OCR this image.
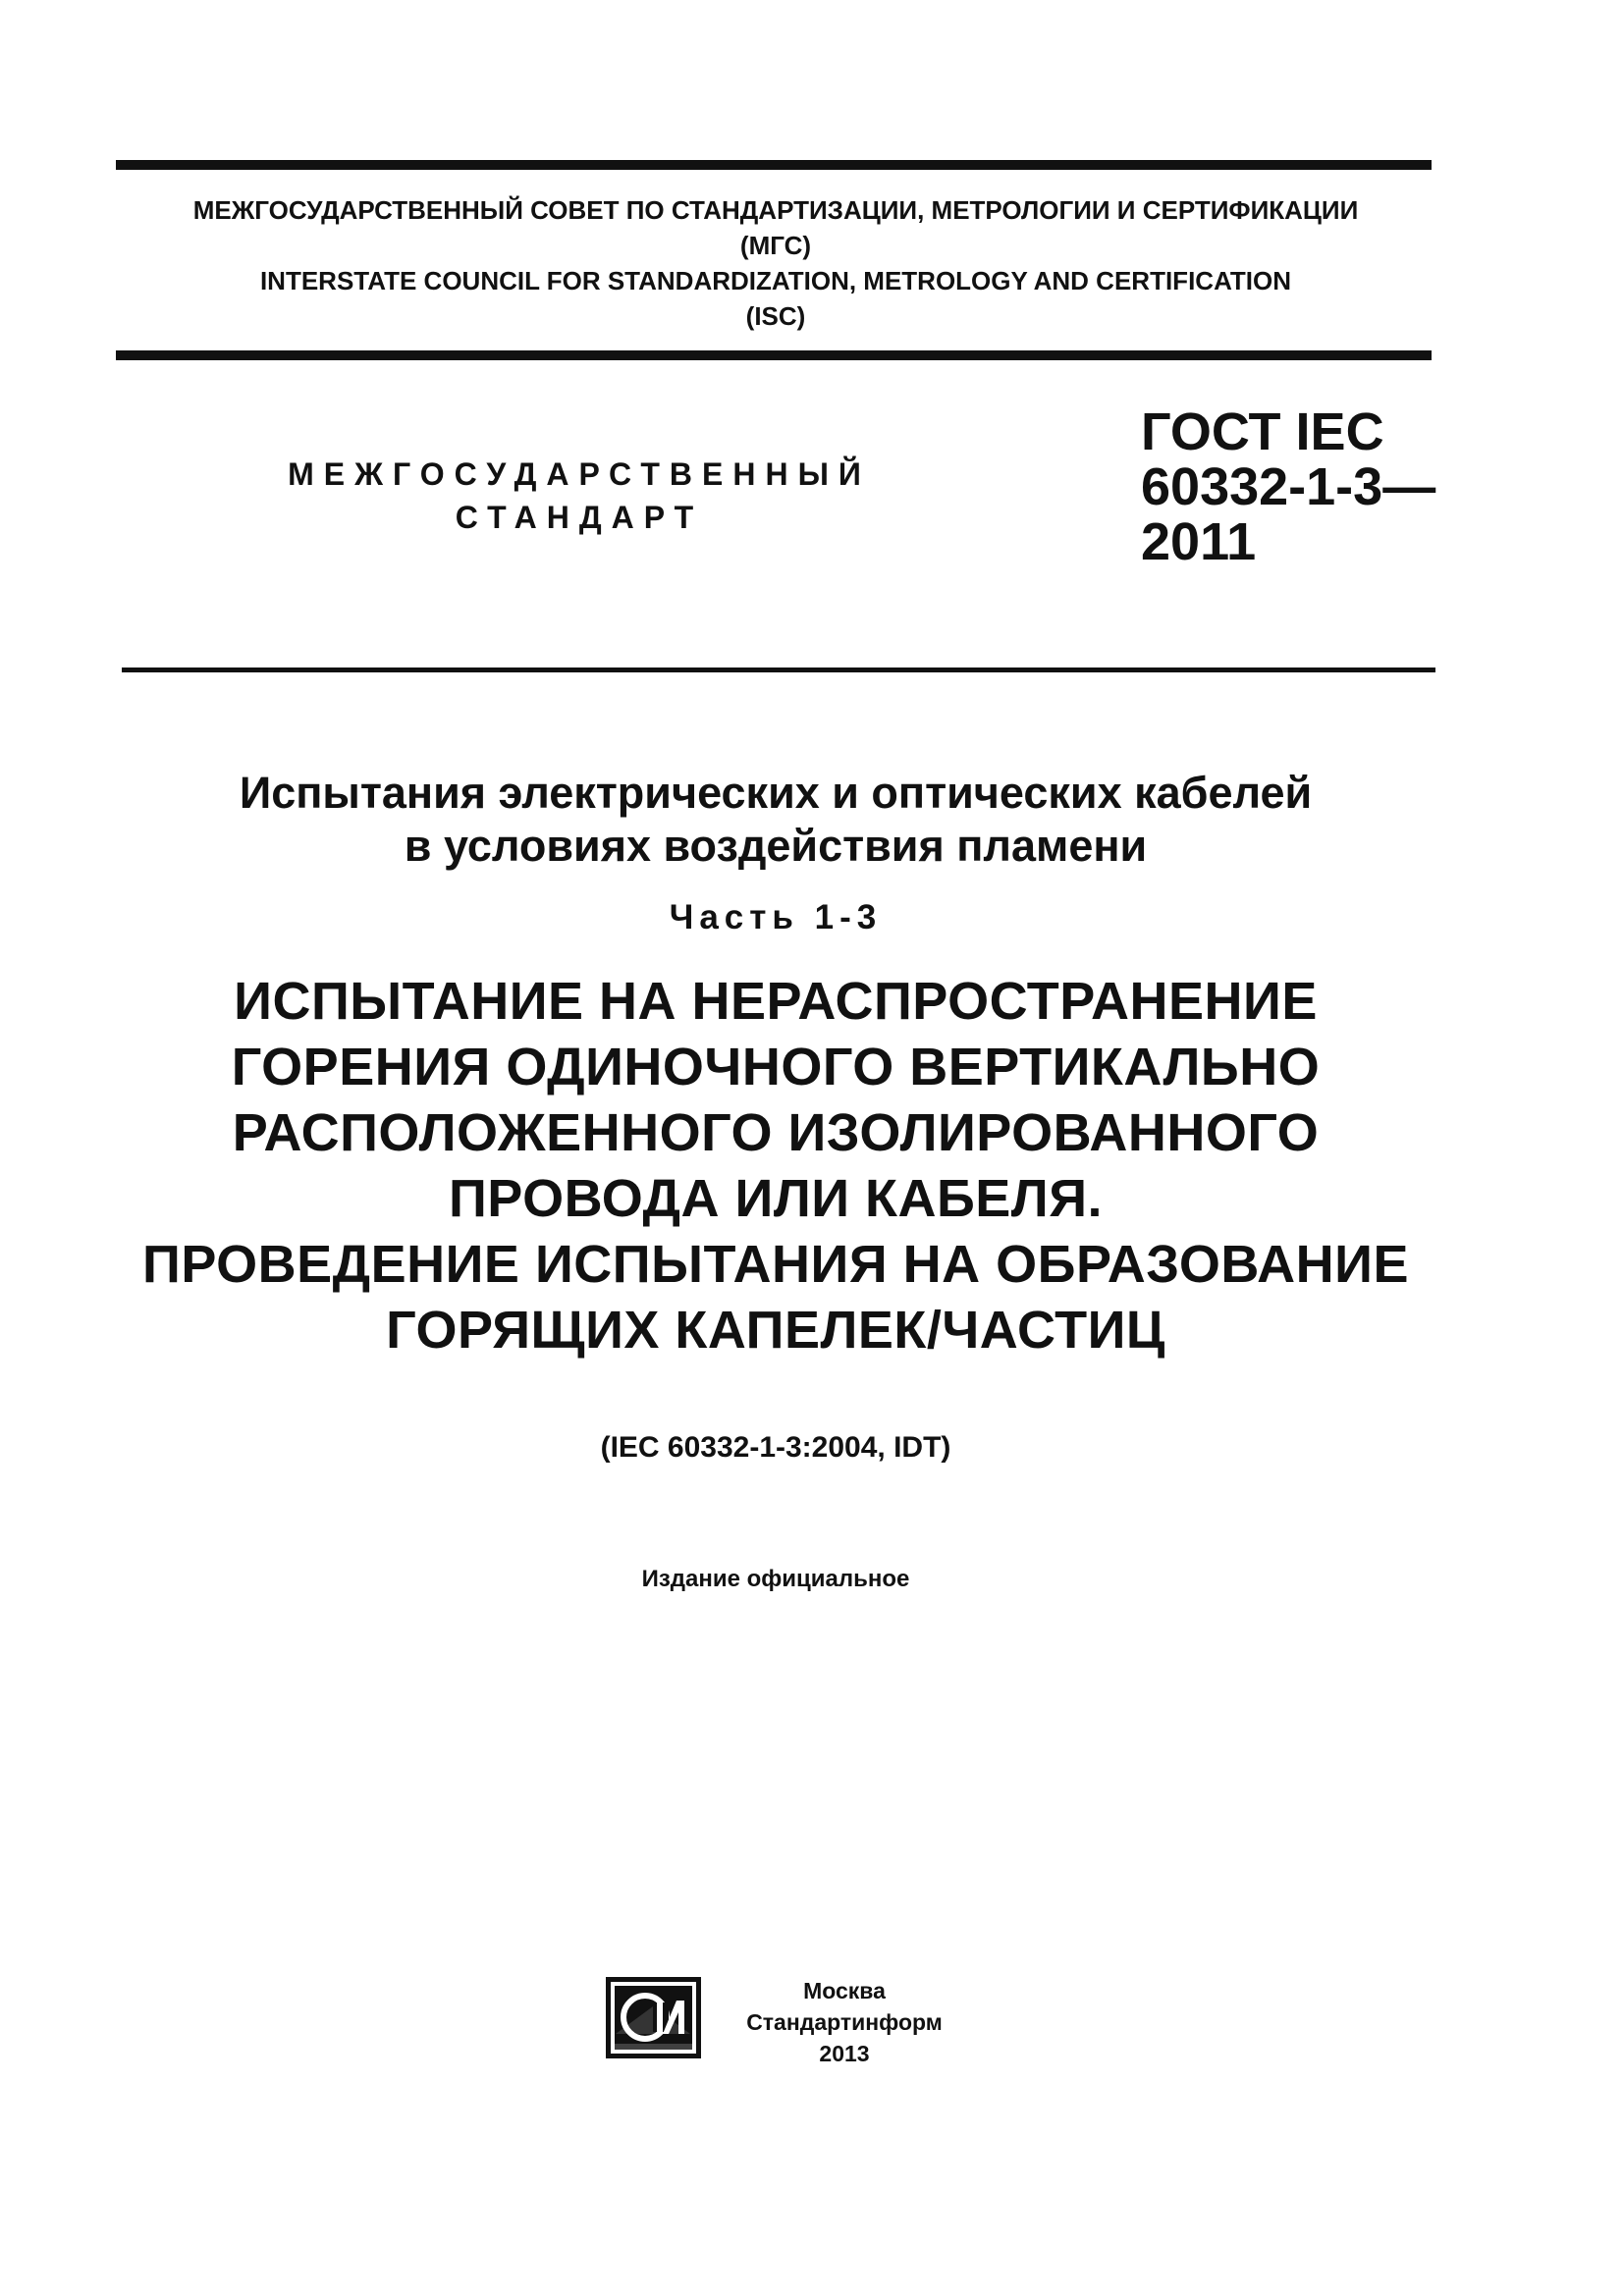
МЕЖГОСУДАРСТВЕННЫЙ СОВЕТ ПО СТАНДАРТИЗАЦИИ, МЕТРОЛОГИИ И СЕРТИФИКАЦИИ
(МГС)
INTERSTATE COUNCIL FOR STANDARDIZATION, METROLOGY AND CERTIFICATION
(ISC)
МЕЖГОСУДАРСТВЕННЫЙ
СТАНДАРТ
ГОСТ IEC
60332-1-3—
2011
Испытания электрических и оптических кабелей
в условиях воздействия пламени
Часть 1-3
ИСПЫТАНИЕ НА НЕРАСПРОСТРАНЕНИЕ
ГОРЕНИЯ ОДИНОЧНОГО ВЕРТИКАЛЬНО
РАСПОЛОЖЕННОГО ИЗОЛИРОВАННОГО
ПРОВОДА ИЛИ КАБЕЛЯ.
ПРОВЕДЕНИЕ ИСПЫТАНИЯ НА ОБРАЗОВАНИЕ
ГОРЯЩИХ КАПЕЛЕК/ЧАСТИЦ
(IEC 60332-1-3:2004, IDT)
Издание официальное
Москва
Стандартинформ
2013
